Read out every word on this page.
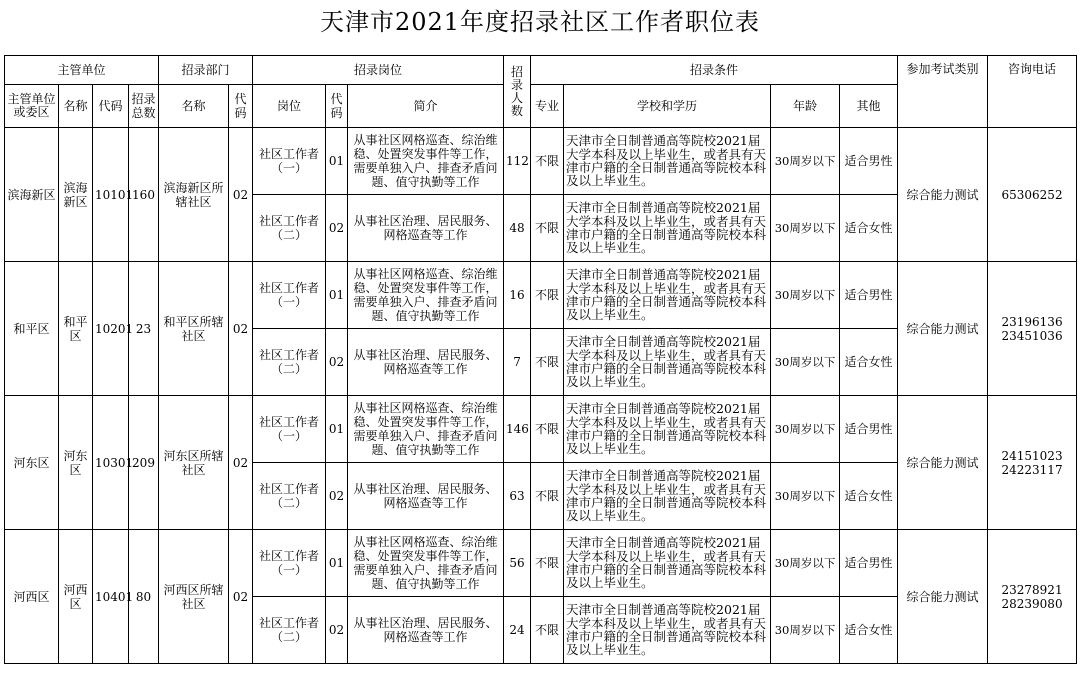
天津市2021年度招录社区工作者职位表
主管单位				招录部门		招录岗位			招录人数	招录条件				参加考试类别	咨询电话
主管单位或委区	名称	代码	招录总数	名称	代码	岗位	代码	简介		专业	学校和学历	年龄	其他		
滨海新区	滨海新区	10101	160	滨海新区所辖社区	02	社区工作者（一）	01	从事社区网格巡查、综治维稳、处置突发事件等工作，需要单独入户、排查矛盾问题、值守执勤等工作	112	不限	天津市全日制普通高等院校2021届大学本科及以上毕业生，或者具有天津市户籍的全日制普通高等院校本科及以上毕业生。	30周岁以下	适合男性	综合能力测试	65306252
						社区工作者（二）	02	从事社区治理、居民服务、网格巡查等工作	48	不限	天津市全日制普通高等院校2021届大学本科及以上毕业生，或者具有天津市户籍的全日制普通高等院校本科及以上毕业生。	30周岁以下	适合女性		
和平区	和平区	10201	23	和平区所辖社区	02	社区工作者（一）	01	从事社区网格巡查、综治维稳、处置突发事件等工作，需要单独入户、排查矛盾问题、值守执勤等工作	16	不限	天津市全日制普通高等院校2021届大学本科及以上毕业生，或者具有天津市户籍的全日制普通高等院校本科及以上毕业生。	30周岁以下	适合男性	综合能力测试	23196136
23451036
						社区工作者（二）	02	从事社区治理、居民服务、网格巡查等工作	7	不限	天津市全日制普通高等院校2021届大学本科及以上毕业生，或者具有天津市户籍的全日制普通高等院校本科及以上毕业生。	30周岁以下	适合女性		
河东区	河东区	10301	209	河东区所辖社区	02	社区工作者（一）	01	从事社区网格巡查、综治维稳、处置突发事件等工作，需要单独入户、排查矛盾问题、值守执勤等工作	146	不限	天津市全日制普通高等院校2021届大学本科及以上毕业生，或者具有天津市户籍的全日制普通高等院校本科及以上毕业生。	30周岁以下	适合男性	综合能力测试	24151023
24223117
						社区工作者（二）	02	从事社区治理、居民服务、网格巡查等工作	63	不限	天津市全日制普通高等院校2021届大学本科及以上毕业生，或者具有天津市户籍的全日制普通高等院校本科及以上毕业生。	30周岁以下	适合女性		
河西区	河西区	10401	80	河西区所辖社区	02	社区工作者（一）	01	从事社区网格巡查、综治维稳、处置突发事件等工作，需要单独入户、排查矛盾问题、值守执勤等工作	56	不限	天津市全日制普通高等院校2021届大学本科及以上毕业生，或者具有天津市户籍的全日制普通高等院校本科及以上毕业生。	30周岁以下	适合男性	综合能力测试	23278921
28239080
						社区工作者（二）	02	从事社区治理、居民服务、网格巡查等工作	24	不限	天津市全日制普通高等院校2021届大学本科及以上毕业生，或者具有天津市户籍的全日制普通高等院校本科及以上毕业生。	30周岁以下	适合女性		
